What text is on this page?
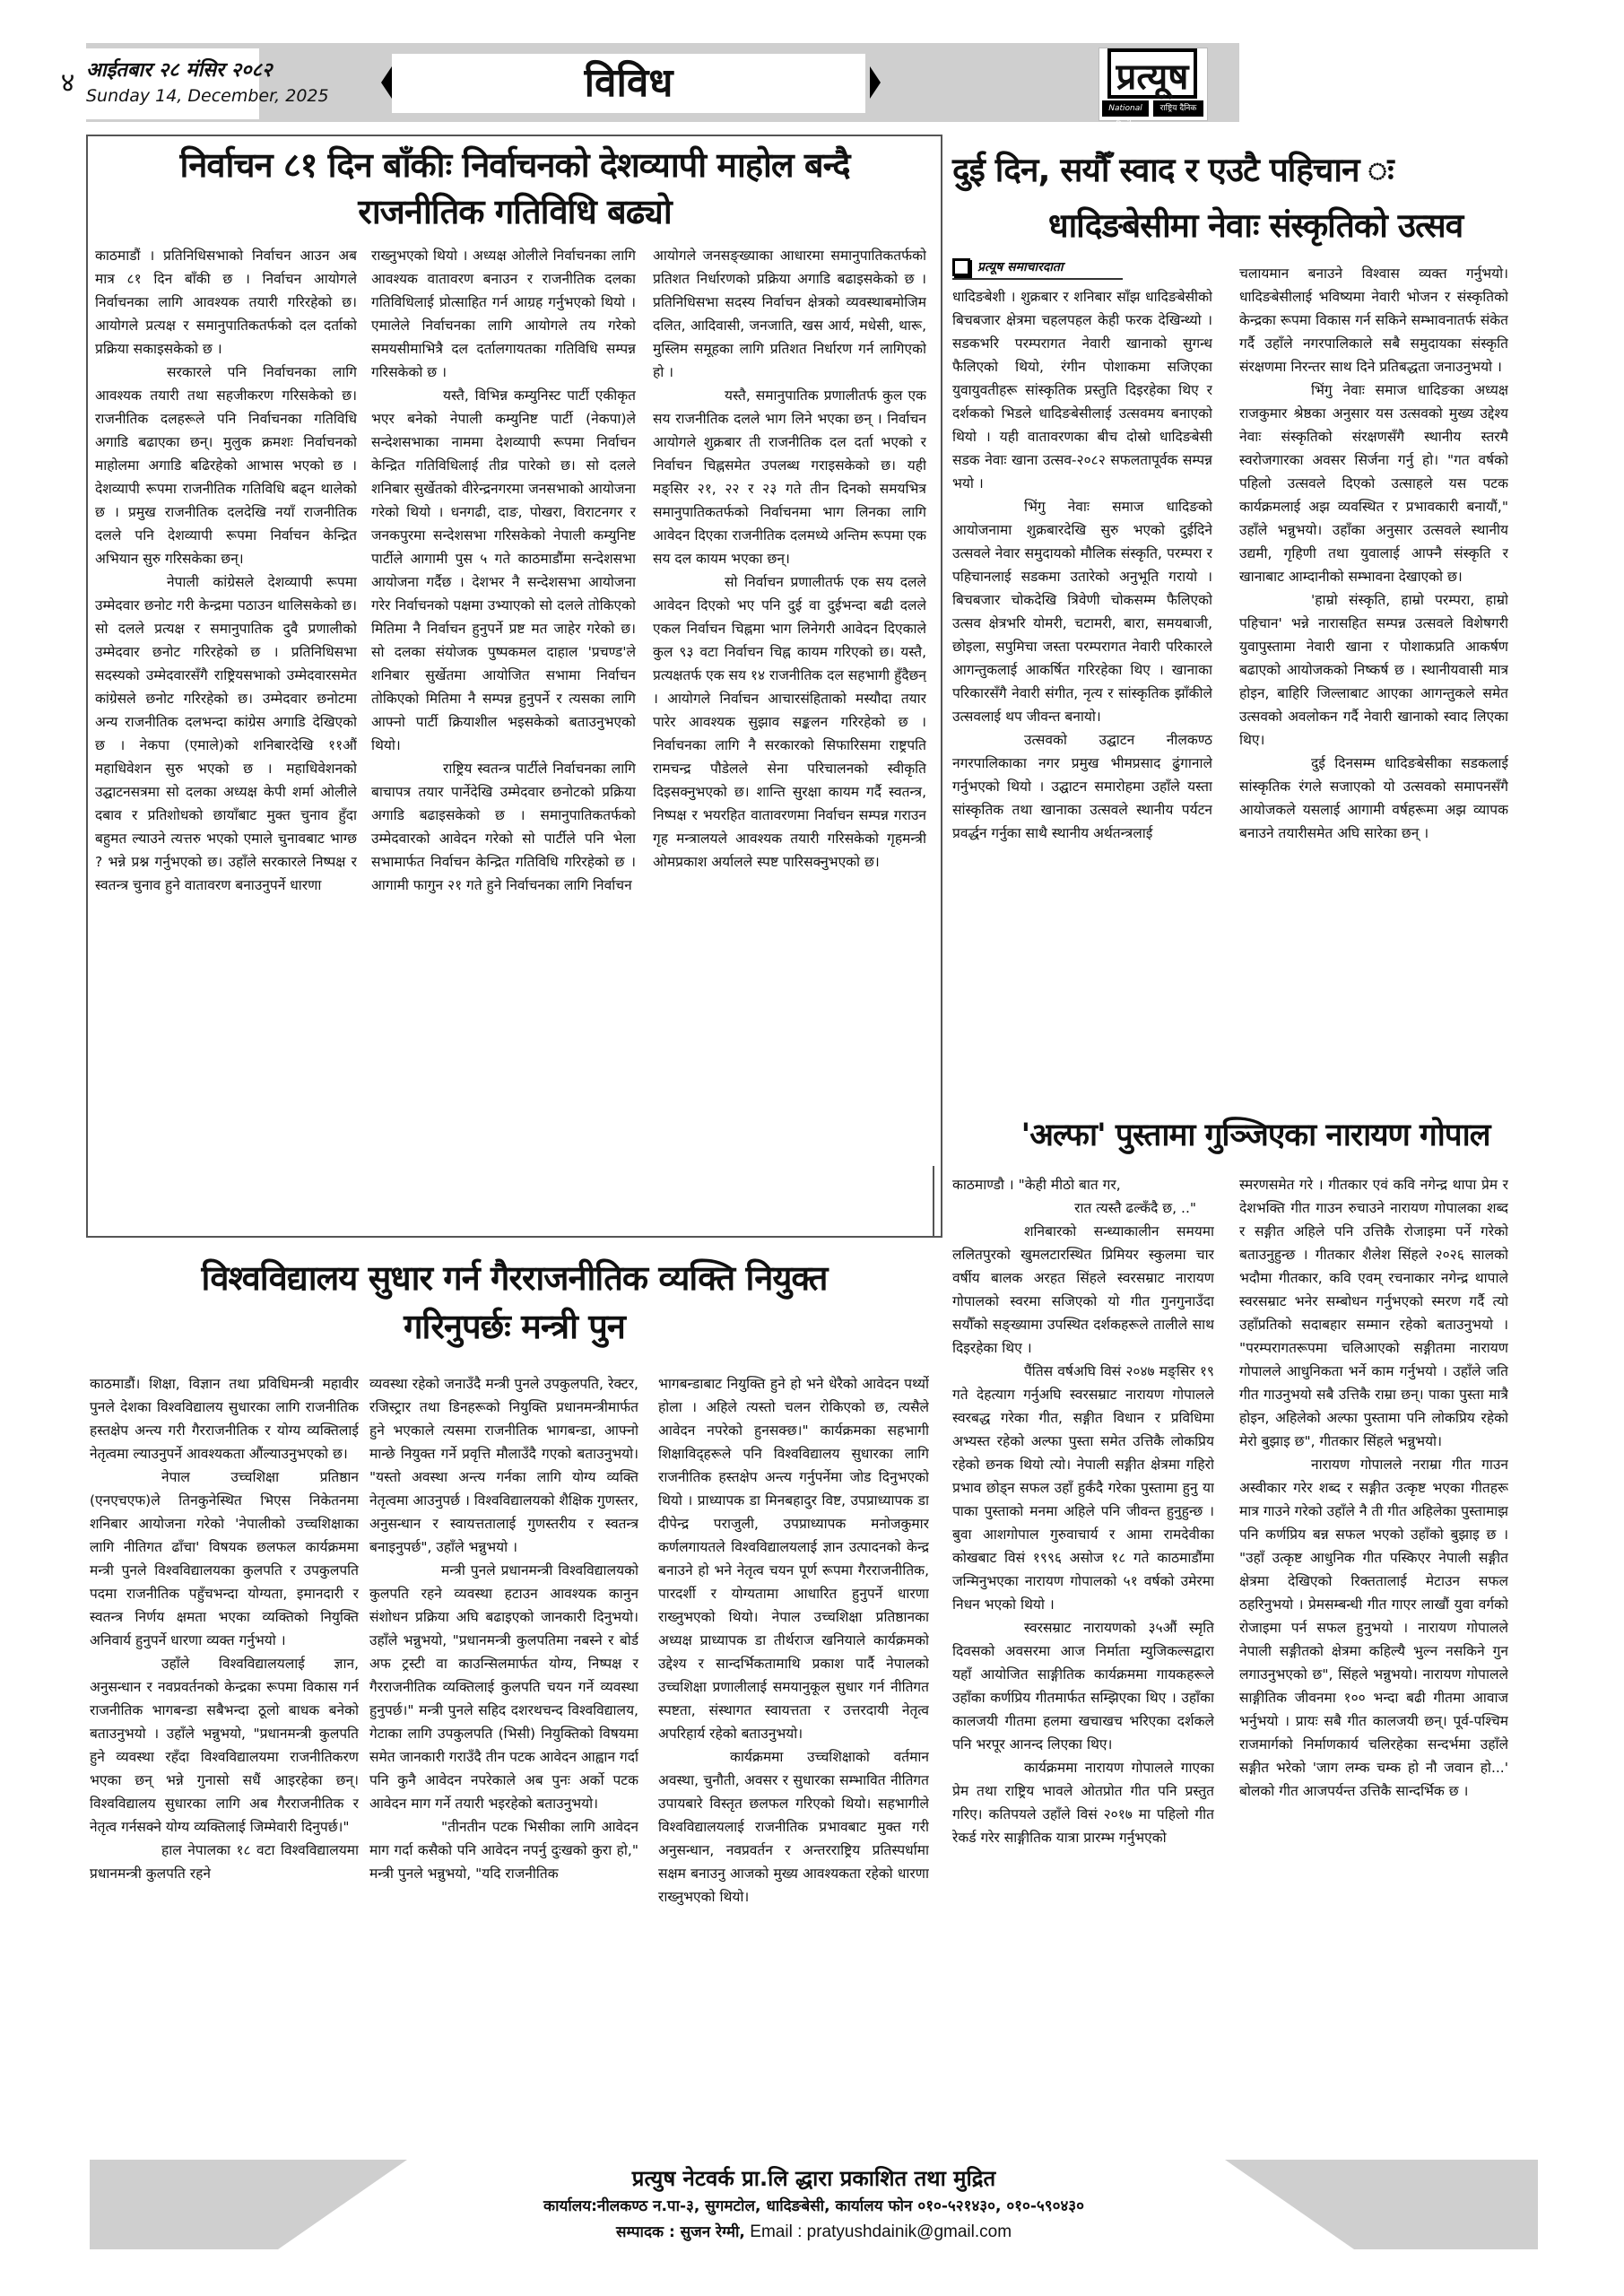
४ आईतबार २८ मंसिर २०८२
Sunday 14, December, 2025	विविध	प्रत्यूष
National Daily
राष्ट्रिय दैनिक
निर्वाचन ८१ दिन बाँकीः निर्वाचनको देशव्यापी माहोल बन्दै
राजनीतिक गतिविधि बढ्यो

काठमाडौं । प्रतिनिधिसभाको निर्वाचन आउन अब मात्र ८१ दिन बाँकी छ । निर्वाचन आयोगले निर्वाचनका लागि आवश्यक तयारी गरिरहेको छ। आयोगले प्रत्यक्ष र समानुपातिकतर्फको दल दर्ताको प्रक्रिया सकाइसकेको छ ।

सरकारले पनि निर्वाचनका लागि आवश्यक तयारी तथा सहजीकरण गरिसकेको छ। राजनीतिक दलहरूले पनि निर्वाचनका गतिविधि अगाडि बढाएका छन्। मुलुक क्रमशः निर्वाचनको माहोलमा अगाडि बढिरहेको आभास भएको छ । देशव्यापी रूपमा राजनीतिक गतिविधि बढ्न थालेको छ । प्रमुख राजनीतिक दलदेखि नयाँ राजनीतिक दलले पनि देशव्यापी रूपमा निर्वाचन केन्द्रित अभियान सुरु गरिसकेका छन्।

नेपाली कांग्रेसले देशव्यापी रूपमा उम्मेदवार छनोट गरी केन्द्रमा पठाउन थालिसकेको छ। सो दलले प्रत्यक्ष र समानुपातिक दुवै प्रणालीको उम्मेदवार छनोट गरिरहेको छ । प्रतिनिधिसभा सदस्यको उम्मेदवारसँगै राष्ट्रियसभाको उम्मेदवारसमेत कांग्रेसले छनोट गरिरहेको छ। उम्मेदवार छनोटमा अन्य राजनीतिक दलभन्दा कांग्रेस अगाडि देखिएको छ । नेकपा (एमाले)को शनिबारदेखि ११औं महाधिवेशन सुरु भएको छ । महाधिवेशनको उद्घाटनसत्रमा सो दलका अध्यक्ष केपी शर्मा ओलीले दबाव र प्रतिशोधको छायाँबाट मुक्त चुनाव हुँदा बहुमत ल्याउने त्यत्तरु भएको एमाले चुनावबाट भाग्छ ? भन्ने प्रश्न गर्नुभएको छ। उहाँले सरकारले निष्पक्ष र स्वतन्त्र चुनाव हुने वातावरण बनाउनुपर्ने धारणा

राख्नुभएको थियो । अध्यक्ष ओलीले निर्वाचनका लागि आवश्यक वातावरण बनाउन र राजनीतिक दलका गतिविधिलाई प्रोत्साहित गर्न आग्रह गर्नुभएको थियो । एमालेले निर्वाचनका लागि आयोगले तय गरेको समयसीमाभित्रै दल दर्तालगायतका गतिविधि सम्पन्न गरिसकेको छ ।

यस्तै, विभिन्न कम्युनिस्ट पार्टी एकीकृत भएर बनेको नेपाली कम्युनिष्ट पार्टी (नेकपा)ले सन्देशसभाका नाममा देशव्यापी रूपमा निर्वाचन केन्द्रित गतिविधिलाई तीव्र पारेको छ। सो दलले शनिबार सुर्खेतको वीरेन्द्रनगरमा जनसभाको आयोजना गरेको थियो । धनगढी, दाङ, पोखरा, विराटनगर र जनकपुरमा सन्देशसभा गरिसकेको नेपाली कम्युनिष्ट पार्टीले आगामी पुस ५ गते काठमाडौंमा सन्देशसभा आयोजना गर्दैछ । देशभर नै सन्देशसभा आयोजना गरेर निर्वाचनको पक्षमा उभ्याएको सो दलले तोकिएको मितिमा नै निर्वाचन हुनुपर्ने प्रष्ट मत जाहेर गरेको छ। सो दलका संयोजक पुष्पकमल दाहाल 'प्रचण्ड'ले शनिबार सुर्खेतमा आयोजित सभामा निर्वाचन तोकिएको मितिमा नै सम्पन्न हुनुपर्ने र त्यसका लागि आफ्नो पार्टी क्रियाशील भइसकेको बताउनुभएको थियो।

राष्ट्रिय स्वतन्त्र पार्टीले निर्वाचनका लागि बाचापत्र तयार पार्नेदेखि उम्मेदवार छनोटको प्रक्रिया अगाडि बढाइसकेको छ । समानुपातिकतर्फको उम्मेदवारको आवेदन गरेको सो पार्टीले पनि भेला सभामार्फत निर्वाचन केन्द्रित गतिविधि गरिरहेको छ । आगामी फागुन २१ गते हुने निर्वाचनका लागि निर्वाचन

आयोगले जनसङ्ख्याका आधारमा समानुपातिकतर्फको प्रतिशत निर्धारणको प्रक्रिया अगाडि बढाइसकेको छ । प्रतिनिधिसभा सदस्य निर्वाचन क्षेत्रको व्यवस्थाबमोजिम दलित, आदिवासी, जनजाति, खस आर्य, मधेसी, थारू, मुस्लिम समूहका लागि प्रतिशत निर्धारण गर्न लागिएको हो ।

यस्तै, समानुपातिक प्रणालीतर्फ कुल एक सय राजनीतिक दलले भाग लिने भएका छन् । निर्वाचन आयोगले शुक्रबार ती राजनीतिक दल दर्ता भएको र निर्वाचन चिह्नसमेत उपलब्ध गराइसकेको छ। यही मङ्सिर २१, २२ र २३ गते तीन दिनको समयभित्र समानुपातिकतर्फको निर्वाचनमा भाग लिनका लागि आवेदन दिएका राजनीतिक दलमध्ये अन्तिम रूपमा एक सय दल कायम भएका छन्।

सो निर्वाचन प्रणालीतर्फ एक सय दलले आवेदन दिएको भए पनि दुई वा दुईभन्दा बढी दलले एकल निर्वाचन चिह्नमा भाग लिनेगरी आवेदन दिएकाले कुल ९३ वटा निर्वाचन चिह्न कायम गरिएको छ। यस्तै, प्रत्यक्षतर्फ एक सय १४ राजनीतिक दल सहभागी हुँदैछन् । आयोगले निर्वाचन आचारसंहिताको मस्यौदा तयार पारेर आवश्यक सुझाव सङ्कलन गरिरहेको छ । निर्वाचनका लागि नै सरकारको सिफारिसमा राष्ट्रपति रामचन्द्र पौडेलले सेना परिचालनको स्वीकृति दिइसक्नुभएको छ। शान्ति सुरक्षा कायम गर्दै स्वतन्त्र, निष्पक्ष र भयरहित वातावरणमा निर्वाचन सम्पन्न गराउन गृह मन्त्रालयले आवश्यक तयारी गरिसकेको गृहमन्त्री ओमप्रकाश अर्यालले स्पष्ट पारिसक्नुभएको छ।

विश्वविद्यालय सुधार गर्न गैरराजनीतिक व्यक्ति नियुक्त
गरिनुपर्छः मन्त्री पुन

काठमाडौं। शिक्षा, विज्ञान तथा प्रविधिमन्त्री महावीर पुनले देशका विश्वविद्यालय सुधारका लागि राजनीतिक हस्तक्षेप अन्त्य गरी गैरराजनीतिक र योग्य व्यक्तिलाई नेतृत्वमा ल्याउनुपर्ने आवश्यकता औंल्याउनुभएको छ।

नेपाल उच्चशिक्षा प्रतिष्ठान (एनएचएफ)ले तिनकुनेस्थित भिएस निकेतनमा शनिबार आयोजना गरेको 'नेपालीको उच्चशिक्षाका लागि नीतिगत ढाँचा' विषयक छलफल कार्यक्रममा मन्त्री पुनले विश्वविद्यालयका कुलपति र उपकुलपति पदमा राजनीतिक पहुँचभन्दा योग्यता, इमानदारी र स्वतन्त्र निर्णय क्षमता भएका व्यक्तिको नियुक्ति अनिवार्य हुनुपर्ने धारणा व्यक्त गर्नुभयो ।

उहाँले विश्वविद्यालयलाई ज्ञान, अनुसन्धान र नवप्रवर्तनको केन्द्रका रूपमा विकास गर्न राजनीतिक भागबन्डा सबैभन्दा ठूलो बाधक बनेको बताउनुभयो । उहाँले भन्नुभयो, "प्रधानमन्त्री कुलपति हुने व्यवस्था रहँदा विश्वविद्यालयमा राजनीतिकरण भएका छन् भन्ने गुनासो सधैं आइरहेका छन्। विश्वविद्यालय सुधारका लागि अब गैरराजनीतिक र नेतृत्व गर्नसक्ने योग्य व्यक्तिलाई जिम्मेवारी दिनुपर्छ।"

हाल नेपालका १८ वटा विश्वविद्यालयमा प्रधानमन्त्री कुलपति रहने

व्यवस्था रहेको जनाउँदै मन्त्री पुनले उपकुलपति, रेक्टर, रजिस्ट्रार तथा डिनहरूको नियुक्ति प्रधानमन्त्रीमार्फत हुने भएकाले त्यसमा राजनीतिक भागबन्डा, आफ्नो मान्छे नियुक्त गर्ने प्रवृत्ति मौलाउँदै गएको बताउनुभयो। "यस्तो अवस्था अन्त्य गर्नका लागि योग्य व्यक्ति नेतृत्वमा आउनुपर्छ । विश्वविद्यालयको शैक्षिक गुणस्तर, अनुसन्धान र स्वायत्ततालाई गुणस्तरीय र स्वतन्त्र बनाइनुपर्छ", उहाँले भन्नुभयो ।

मन्त्री पुनले प्रधानमन्त्री विश्वविद्यालयको कुलपति रहने व्यवस्था हटाउन आवश्यक कानुन संशोधन प्रक्रिया अघि बढाइएको जानकारी दिनुभयो। उहाँले भन्नुभयो, "प्रधानमन्त्री कुलपतिमा नबस्ने र बोर्ड अफ ट्रस्टी वा काउन्सिलमार्फत योग्य, निष्पक्ष र गैरराजनीतिक व्यक्तिलाई कुलपति चयन गर्ने व्यवस्था हुनुपर्छ।" मन्त्री पुनले सहिद दशरथचन्द विश्वविद्यालय, गेटाका लागि उपकुलपति (भिसी) नियुक्तिको विषयमा समेत जानकारी गराउँदै तीन पटक आवेदन आह्वान गर्दा पनि कुनै आवेदन नपरेकाले अब पुनः अर्को पटक आवेदन माग गर्ने तयारी भइरहेको बताउनुभयो।

"तीनतीन पटक भिसीका लागि आवेदन माग गर्दा कसैको पनि आवेदन नपर्नु दुःखको कुरा हो," मन्त्री पुनले भन्नुभयो, "यदि राजनीतिक

भागबन्डाबाट नियुक्ति हुने हो भने धेरैको आवेदन पर्थ्यो होला । अहिले त्यस्तो चलन रोकिएको छ, त्यसैले आवेदन नपरेको हुनसक्छ।" कार्यक्रमका सहभागी शिक्षाविद्हरूले पनि विश्वविद्यालय सुधारका लागि राजनीतिक हस्तक्षेप अन्त्य गर्नुपर्नेमा जोड दिनुभएको थियो । प्राध्यापक डा मिनबहादुर विष्ट, उपप्राध्यापक डा दीपेन्द्र पराजुली, उपप्राध्यापक मनोजकुमार कर्णलगायतले विश्वविद्यालयलाई ज्ञान उत्पादनको केन्द्र बनाउने हो भने नेतृत्व चयन पूर्ण रूपमा गैरराजनीतिक, पारदर्शी र योग्यतामा आधारित हुनुपर्ने धारणा राख्नुभएको थियो। नेपाल उच्चशिक्षा प्रतिष्ठानका अध्यक्ष प्राध्यापक डा तीर्थराज खनियाले कार्यक्रमको उद्देश्य र सान्दर्भिकतामाथि प्रकाश पार्दै नेपालको उच्चशिक्षा प्रणालीलाई समयानुकूल सुधार गर्न नीतिगत स्पष्टता, संस्थागत स्वायत्तता र उत्तरदायी नेतृत्व अपरिहार्य रहेको बताउनुभयो।

कार्यक्रममा उच्चशिक्षाको वर्तमान अवस्था, चुनौती, अवसर र सुधारका सम्भावित नीतिगत उपायबारे विस्तृत छलफल गरिएको थियो। सहभागीले विश्वविद्यालयलाई राजनीतिक प्रभावबाट मुक्त गरी अनुसन्धान, नवप्रवर्तन र अन्तरराष्ट्रिय प्रतिस्पर्धामा सक्षम बनाउनु आजको मुख्य आवश्यकता रहेको धारणा राख्नुभएको थियो।

दुई दिन, सयौँ स्वाद र एउटै पहिचान ः
धादिङबेसीमा नेवाः संस्कृतिको उत्सव
प्रत्यूष समाचारदाता

धादिङबेशी । शुक्रबार र शनिबार साँझ धादिङबेसीको बिचबजार क्षेत्रमा चहलपहल केही फरक देखिन्थ्यो । सडकभरि परम्परागत नेवारी खानाको सुगन्ध फैलिएको थियो, रंगीन पोशाकमा सजिएका युवायुवतीहरू सांस्कृतिक प्रस्तुति दिइरहेका थिए र दर्शकको भिडले धादिङबेसीलाई उत्सवमय बनाएको थियो । यही वातावरणका बीच दोस्रो धादिङबेसी सडक नेवाः खाना उत्सव-२०८२ सफलतापूर्वक सम्पन्न भयो ।

भिंगु नेवाः समाज धादिङको आयोजनामा शुक्रबारदेखि सुरु भएको दुईदिने उत्सवले नेवार समुदायको मौलिक संस्कृति, परम्परा र पहिचानलाई सडकमा उतारेको अनुभूति गरायो । बिचबजार चोकदेखि त्रिवेणी चोकसम्म फैलिएको उत्सव क्षेत्रभरि योमरी, चटामरी, बारा, समयबाजी, छोइला, सपुमिचा जस्ता परम्परागत नेवारी परिकारले आगन्तुकलाई आकर्षित गरिरहेका थिए । खानाका परिकारसँगै नेवारी संगीत, नृत्य र सांस्कृतिक झाँकीले उत्सवलाई थप जीवन्त बनायो।

उत्सवको उद्घाटन नीलकण्ठ नगरपालिकाका नगर प्रमुख भीमप्रसाद ढुंगानाले गर्नुभएको थियो । उद्घाटन समारोहमा उहाँले यस्ता सांस्कृतिक तथा खानाका उत्सवले स्थानीय पर्यटन प्रवर्द्धन गर्नुका साथै स्थानीय अर्थतन्त्रलाई

चलायमान बनाउने विश्वास व्यक्त गर्नुभयो। धादिङबेसीलाई भविष्यमा नेवारी भोजन र संस्कृतिको केन्द्रका रूपमा विकास गर्न सकिने सम्भावनातर्फ संकेत गर्दै उहाँले नगरपालिकाले सबै समुदायका संस्कृति संरक्षणमा निरन्तर साथ दिने प्रतिबद्धता जनाउनुभयो ।

भिंगु नेवाः समाज धादिङका अध्यक्ष राजकुमार श्रेष्ठका अनुसार यस उत्सवको मुख्य उद्देश्य नेवाः संस्कृतिको संरक्षणसँगै स्थानीय स्तरमै स्वरोजगारका अवसर सिर्जना गर्नु हो। "गत वर्षको पहिलो उत्सवले दिएको उत्साहले यस पटक कार्यक्रमलाई अझ व्यवस्थित र प्रभावकारी बनायौं," उहाँले भन्नुभयो। उहाँका अनुसार उत्सवले स्थानीय उद्यमी, गृहिणी तथा युवालाई आफ्नै संस्कृति र खानाबाट आम्दानीको सम्भावना देखाएको छ।

'हाम्रो संस्कृति, हाम्रो परम्परा, हाम्रो पहिचान' भन्ने नारासहित सम्पन्न उत्सवले विशेषगरी युवापुस्तामा नेवारी खाना र पोशाकप्रति आकर्षण बढाएको आयोजकको निष्कर्ष छ । स्थानीयवासी मात्र होइन, बाहिरि जिल्लाबाट आएका आगन्तुकले समेत उत्सवको अवलोकन गर्दै नेवारी खानाको स्वाद लिएका थिए।

दुई दिनसम्म धादिङबेसीका सडकलाई सांस्कृतिक रंगले सजाएको यो उत्सवको समापनसँगै आयोजकले यसलाई आगामी वर्षहरूमा अझ व्यापक बनाउने तयारीसमेत अघि सारेका छन् ।

'अल्फा' पुस्तामा गुञ्जिएका नारायण गोपाल

काठमाण्डौ । "केही मीठो बात गर,

रात त्यस्तै ढल्कँदै छ, .."

शनिबारको सन्ध्याकालीन समयमा ललितपुरको खुमलटारस्थित प्रिमियर स्कुलमा चार वर्षीय बालक अरहत सिंहले स्वरसम्राट नारायण गोपालको स्वरमा सजिएको यो गीत गुनगुनाउँदा सयौँको सङ्ख्यामा उपस्थित दर्शकहरूले तालीले साथ दिइरहेका थिए ।

पैंतिस वर्षअघि विसं २०४७ मङ्सिर १९ गते देहत्याग गर्नुअघि स्वरसम्राट नारायण गोपालले स्वरबद्ध गरेका गीत, सङ्गीत विधान र प्रविधिमा अभ्यस्त रहेको अल्फा पुस्ता समेत उत्तिकै लोकप्रिय रहेको छनक थियो त्यो। नेपाली सङ्गीत क्षेत्रमा गहिरो प्रभाव छोड्न सफल उहाँ हुर्कंदै गरेका पुस्तामा हुनु या पाका पुस्ताको मनमा अहिले पनि जीवन्त हुनुहुन्छ । बुवा आशगोपाल गुरुवाचार्य र आमा रामदेवीका कोखबाट विसं १९९६ असोज १८ गते काठमाडौंमा जन्मिनुभएका नारायण गोपालको ५१ वर्षको उमेरमा निधन भएको थियो ।

स्वरसम्राट नारायणको ३५औं स्मृति दिवसको अवसरमा आज निर्माता म्युजिकल्सद्वारा यहाँ आयोजित साङ्गीतिक कार्यक्रममा गायकहरूले उहाँका कर्णप्रिय गीतमार्फत सम्झिएका थिए । उहाँका कालजयी गीतमा हलमा खचाखच भरिएका दर्शकले पनि भरपूर आनन्द लिएका थिए।

कार्यक्रममा नारायण गोपालले गाएका प्रेम तथा राष्ट्रिय भावले ओतप्रोत गीत पनि प्रस्तुत गरिए। कतिपयले उहाँले विसं २०१७ मा पहिलो गीत रेकर्ड गरेर साङ्गीतिक यात्रा प्रारम्भ गर्नुभएको

स्मरणसमेत गरे । गीतकार एवं कवि नगेन्द्र थापा प्रेम र देशभक्ति गीत गाउन रुचाउने नारायण गोपालका शब्द र सङ्गीत अहिले पनि उत्तिकै रोजाइमा पर्ने गरेको बताउनुहुन्छ । गीतकार शैलेश सिंहले २०२६ सालको भदौमा गीतकार, कवि एवम् रचनाकार नगेन्द्र थापाले स्वरसम्राट भनेर सम्बोधन गर्नुभएको स्मरण गर्दै त्यो उहाँप्रतिको सदाबहार सम्मान रहेको बताउनुभयो । "परम्परागतरूपमा चलिआएको सङ्गीतमा नारायण गोपालले आधुनिकता भर्ने काम गर्नुभयो । उहाँले जति गीत गाउनुभयो सबै उत्तिकै राम्रा छन्। पाका पुस्ता मात्रै होइन, अहिलेको अल्फा पुस्तामा पनि लोकप्रिय रहेको मेरो बुझाइ छ", गीतकार सिंहले भन्नुभयो।

नारायण गोपालले नराम्रा गीत गाउन अस्वीकार गरेर शब्द र सङ्गीत उत्कृष्ट भएका गीतहरू मात्र गाउने गरेको उहाँले नै ती गीत अहिलेका पुस्तामाझ पनि कर्णप्रिय बन्न सफल भएको उहाँको बुझाइ छ । "उहाँ उत्कृष्ट आधुनिक गीत पस्किएर नेपाली सङ्गीत क्षेत्रमा देखिएको रिक्ततालाई मेटाउन सफल ठहरिनुभयो । प्रेमसम्बन्धी गीत गाएर लाखौं युवा वर्गको रोजाइमा पर्न सफल हुनुभयो । नारायण गोपालले नेपाली सङ्गीतको क्षेत्रमा कहिल्यै भुल्न नसकिने गुन लगाउनुभएको छ", सिंहले भन्नुभयो। नारायण गोपालले साङ्गीतिक जीवनमा १०० भन्दा बढी गीतमा आवाज भर्नुभयो । प्रायः सबै गीत कालजयी छन्। पूर्व-पश्चिम राजमार्गको निर्माणकार्य चलिरहेका सन्दर्भमा उहाँले सङ्गीत भरेको 'जाग लम्क चम्क हो नौ जवान हो...' बोलको गीत आजपर्यन्त उत्तिकै सान्दर्भिक छ ।

प्रत्युष नेटवर्क प्रा.लि द्धारा प्रकाशित तथा मुद्रित
कार्यालय:नीलकण्ठ न.पा-३, सुगमटोल, धादिङबेसी, कार्यालय फोन ०१०-५२१४३०, ०१०-५९०४३०
सम्पादक : सुजन रेग्मी, Email : pratyushdainik@gmail.com
